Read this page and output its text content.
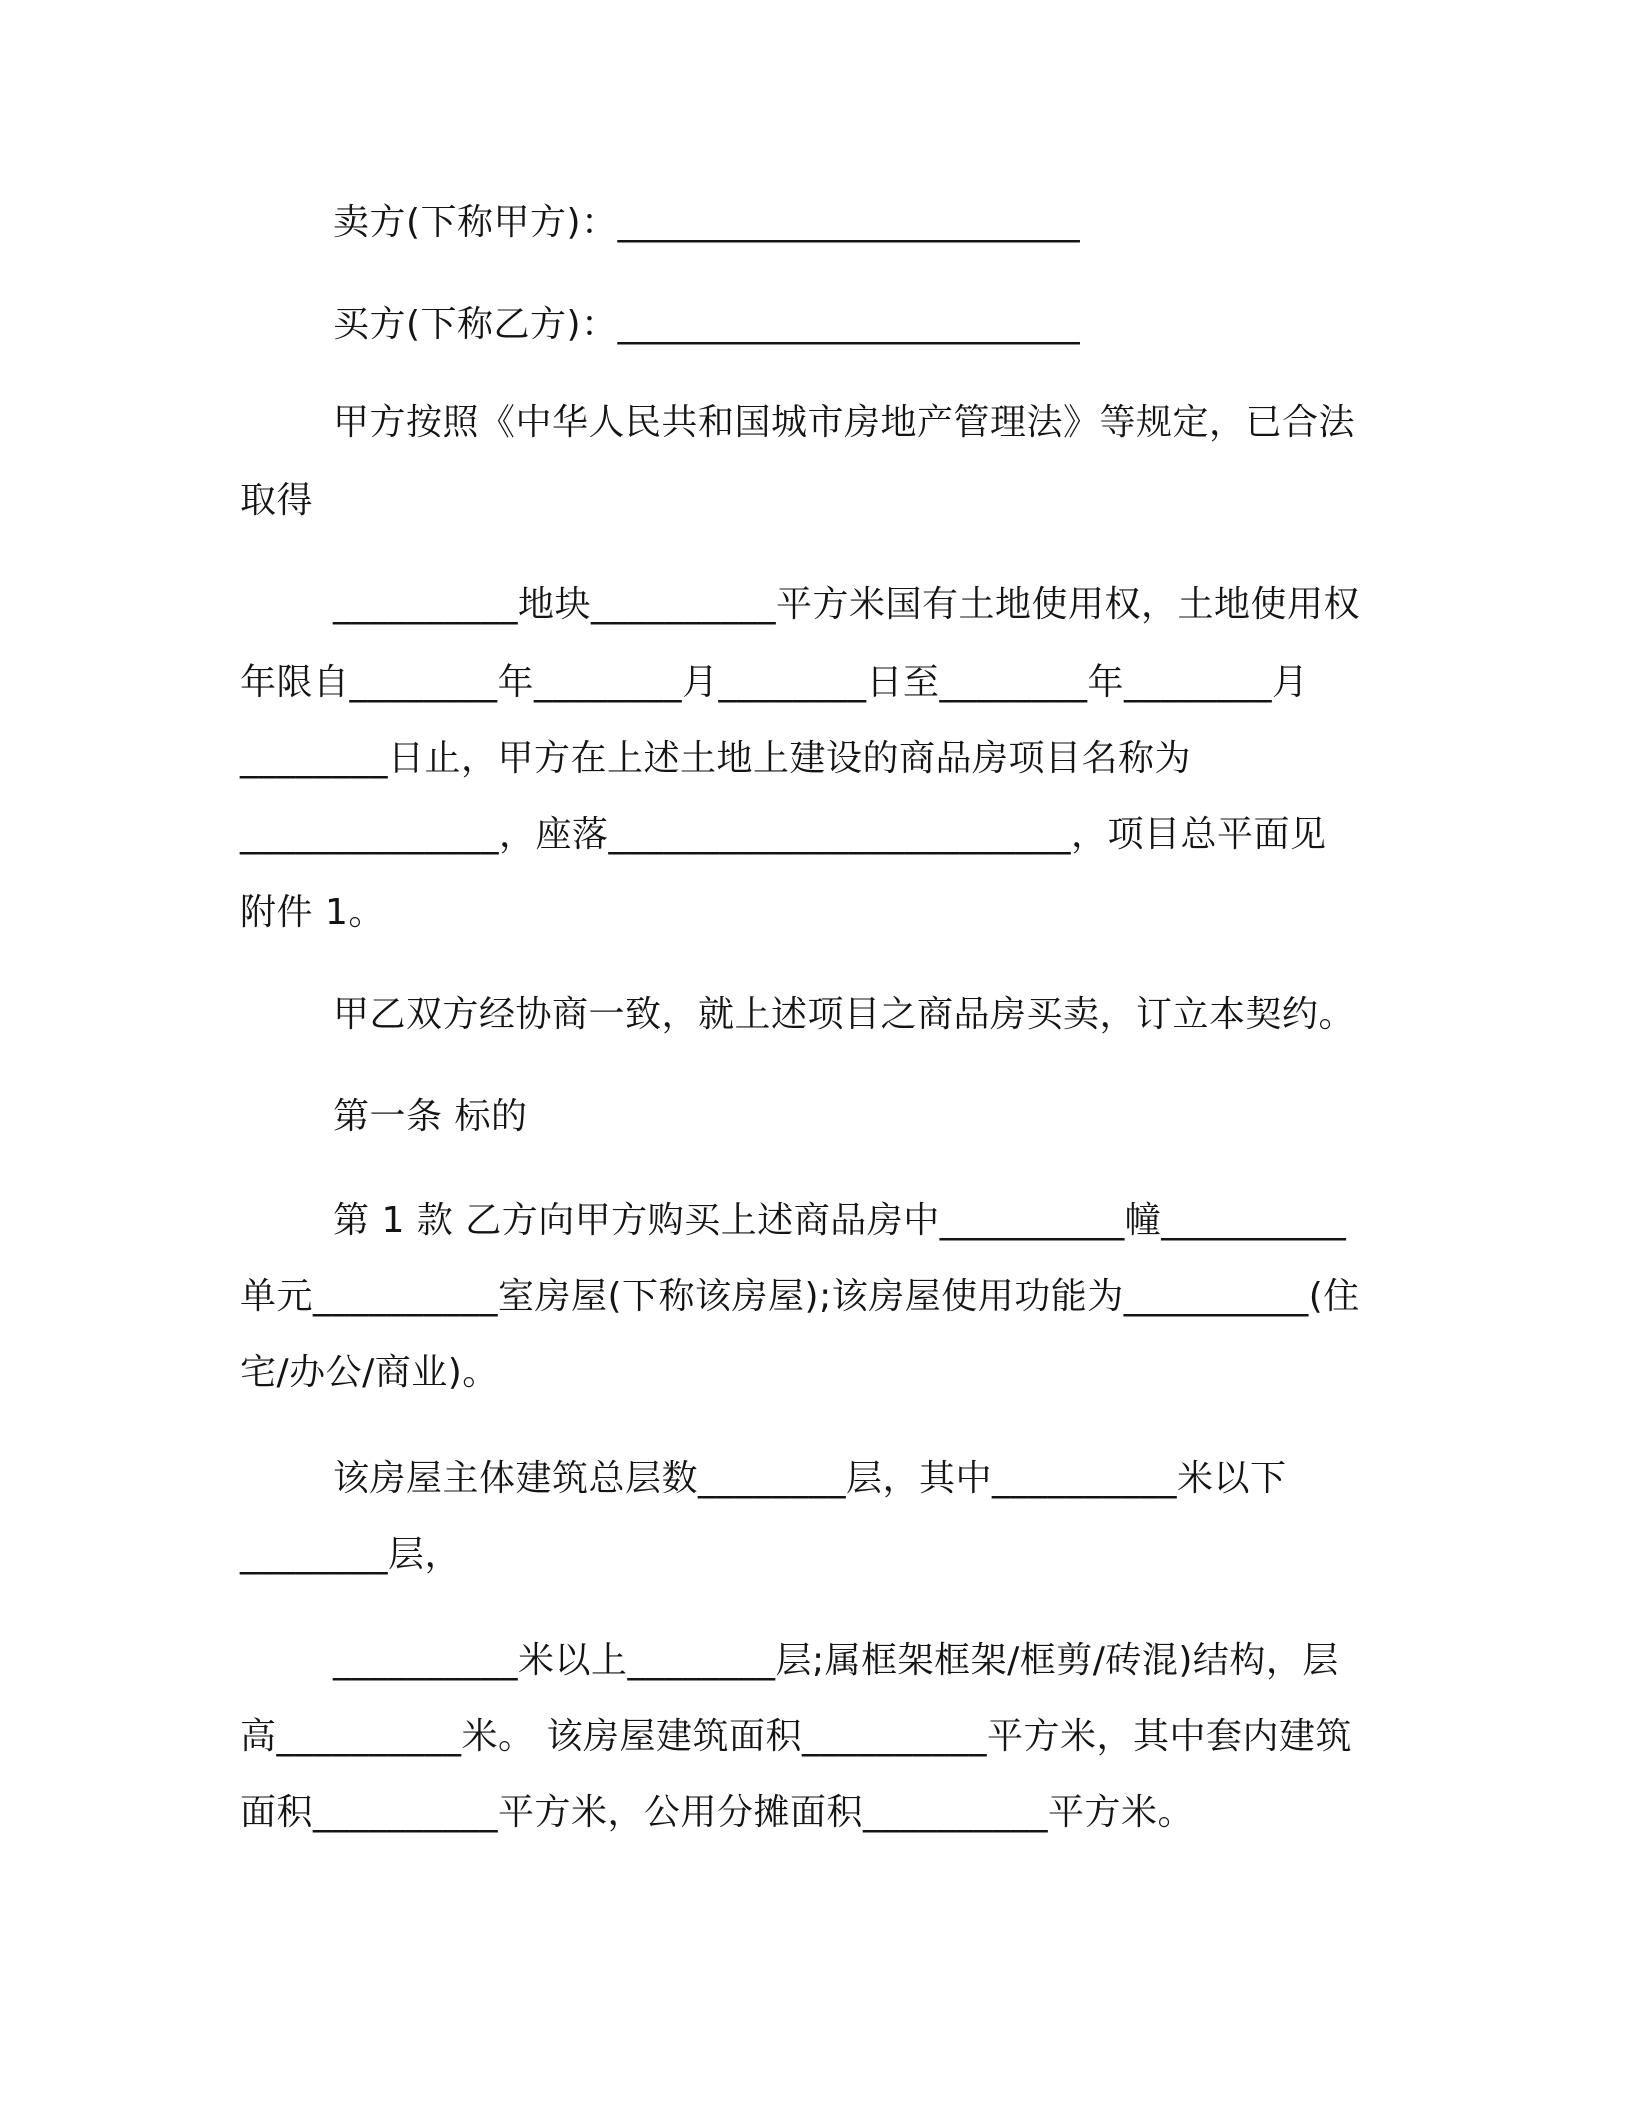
卖方(下称甲方)：_________________________
买方(下称乙方)：_________________________
甲方按照《中华人民共和国城市房地产管理法》等规定，已合法
取得
__________地块__________平方米国有土地使用权，土地使用权
年限自________年________月________日至________年________月
________日止，甲方在上述土地上建设的商品房项目名称为
______________，座落_________________________，项目总平面见
附件 1。
甲乙双方经协商一致，就上述项目之商品房买卖，订立本契约。
第一条 标的
第 1 款 乙方向甲方购买上述商品房中__________幢__________
单元__________室房屋(下称该房屋);该房屋使用功能为__________(住
宅/办公/商业)。
该房屋主体建筑总层数________层，其中__________米以下
________层，
__________米以上________层;属框架框架/框剪/砖混)结构，层
高__________米。 该房屋建筑面积__________平方米，其中套内建筑
面积__________平方米，公用分摊面积__________平方米。
